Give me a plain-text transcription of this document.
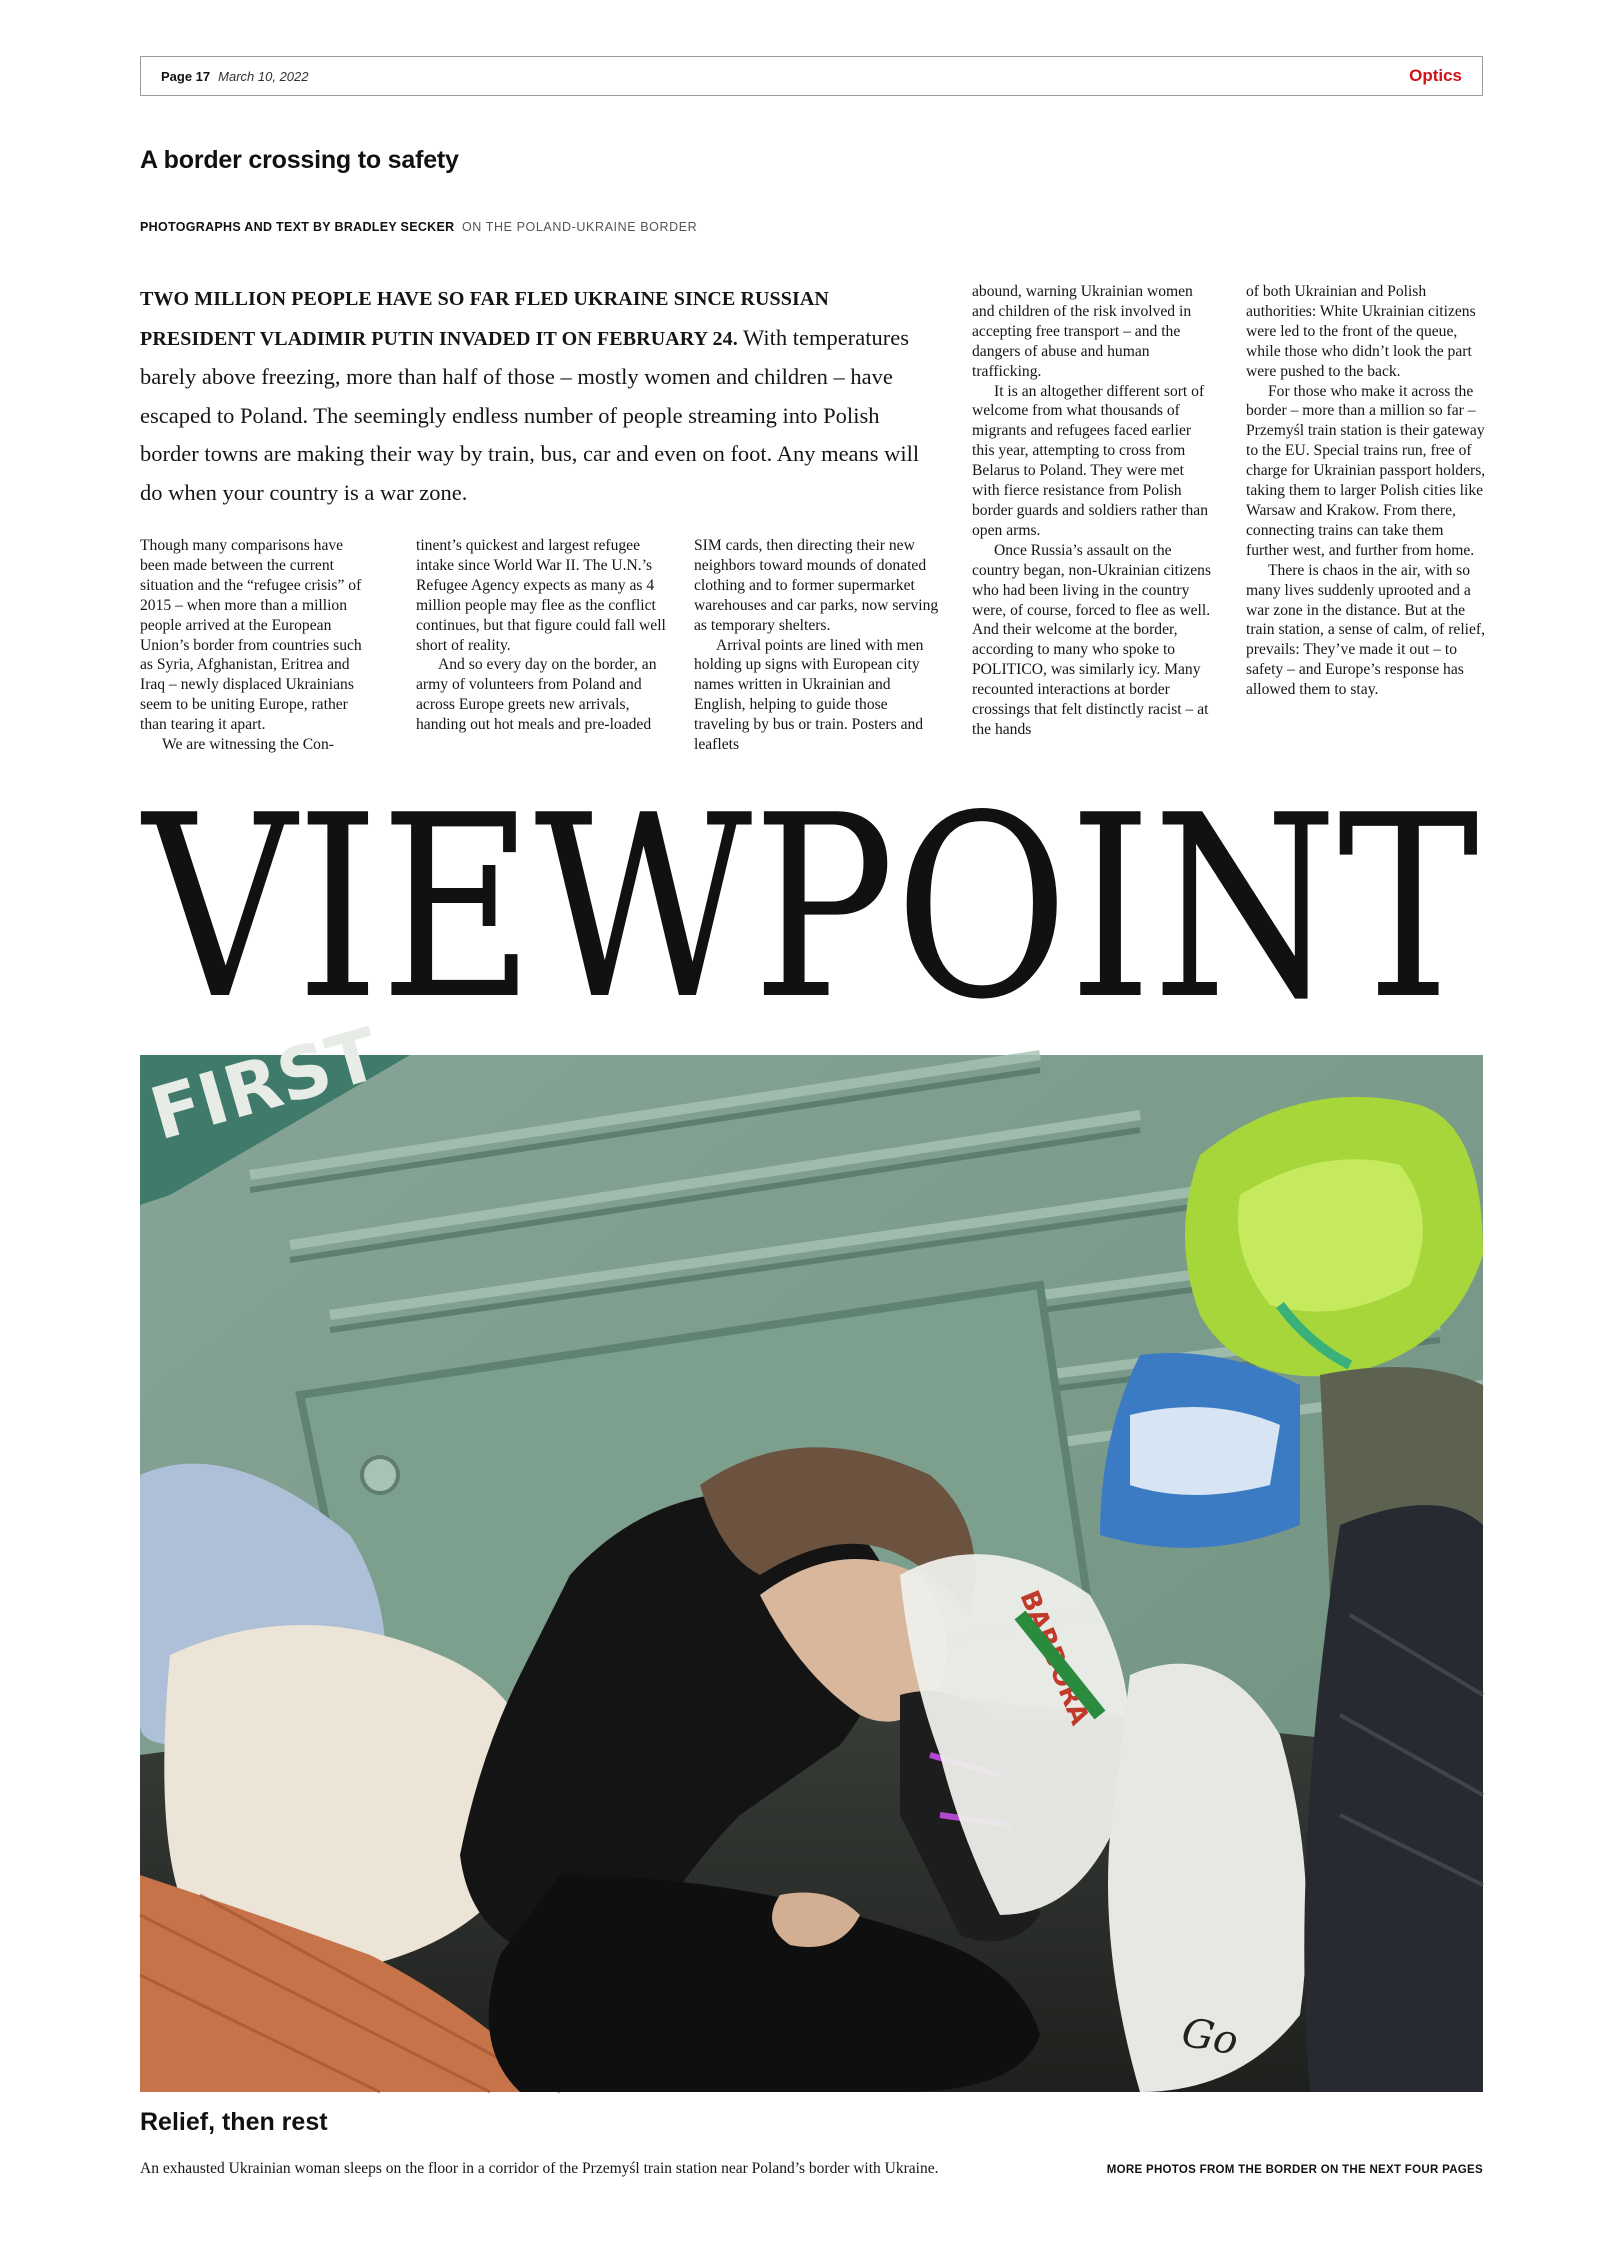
Page 17 March 10, 2022	Optics
A border crossing to safety
PHOTOGRAPHS AND TEXT BY BRADLEY SECKER ON THE POLAND-UKRAINE BORDER
TWO MILLION PEOPLE HAVE SO FAR FLED UKRAINE SINCE RUSSIAN PRESIDENT VLADIMIR PUTIN INVADED IT ON FEBRUARY 24. With temperatures barely above freezing, more than half of those – mostly women and children – have escaped to Poland. The seemingly endless number of people streaming into Polish border towns are making their way by train, bus, car and even on foot. Any means will do when your country is a war zone.

Though many comparisons have been made between the current situation and the “refugee crisis” of 2015 – when more than a million people arrived at the European Union’s border from countries such as Syria, Afghanistan, Eritrea and Iraq – newly displaced Ukrainians seem to be uniting Europe, rather than tearing it apart.

We are witnessing the Con-

tinent’s quickest and largest refugee intake since World War II. The U.N.’s Refugee Agency expects as many as 4 million people may flee as the conflict continues, but that figure could fall well short of reality.

And so every day on the border, an army of volunteers from Poland and across Europe greets new arrivals, handing out hot meals and pre-loaded

SIM cards, then directing their new neighbors toward mounds of donated clothing and to former supermarket warehouses and car parks, now serving as temporary shelters.

Arrival points are lined with men holding up signs with European city names written in Ukrainian and English, helping to guide those traveling by bus or train. Posters and leaflets

abound, warning Ukrainian women and children of the risk involved in accepting free transport – and the dangers of abuse and human trafficking.

It is an altogether different sort of welcome from what thousands of migrants and refugees faced earlier this year, attempting to cross from Belarus to Poland. They were met with fierce resistance from Polish border guards and soldiers rather than open arms.

Once Russia’s assault on the country began, non-Ukrainian citizens who had been living in the country were, of course, forced to flee as well. And their welcome at the border, according to many who spoke to POLITICO, was similarly icy. Many recounted interactions at border crossings that felt distinctly racist – at the hands

of both Ukrainian and Polish authorities: White Ukrainian citizens were led to the front of the queue, while those who didn’t look the part were pushed to the back.

For those who make it across the border – more than a million so far – Przemyśl train station is their gateway to the EU. Special trains run, free of charge for Ukrainian passport holders, taking them to larger Polish cities like Warsaw and Krakow. From there, connecting trains can take them further west, and further from home.

There is chaos in the air, with so many lives suddenly uprooted and a war zone in the distance. But at the train station, a sense of calm, of relief, prevails: They’ve made it out – to safety – and Europe’s response has allowed them to stay.

VIEWPOINT
FIRST
Go
Relief, then rest
An exhausted Ukrainian woman sleeps on the floor in a corridor of the Przemyśl train station near Poland’s border with Ukraine.	MORE PHOTOS FROM THE BORDER ON THE NEXT FOUR PAGES
